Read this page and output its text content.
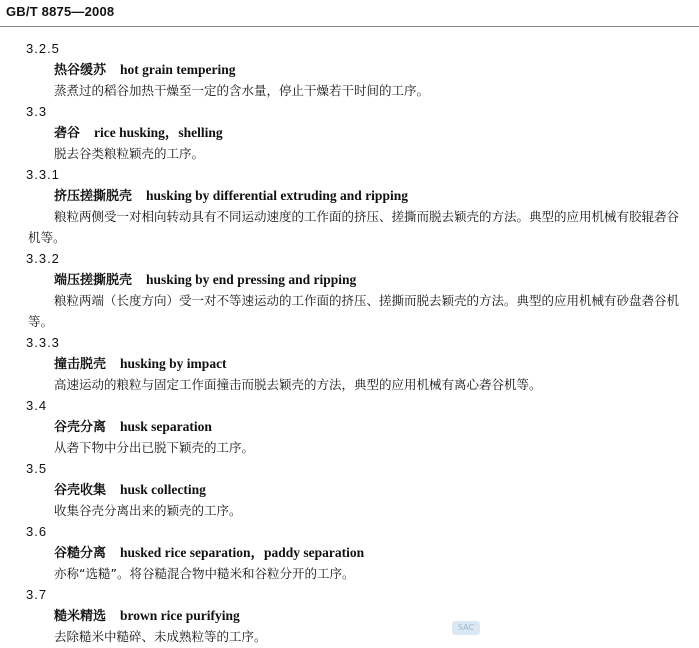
GB/T 8875—2008
3.2.5
热谷缓苏 hot grain tempering
蒸煮过的稻谷加热干燥至一定的含水量，停止干燥若干时间的工序。
3.3
砻谷 rice husking，shelling
脱去谷类粮粒颖壳的工序。
3.3.1
挤压搓撕脱壳 husking by differential extruding and ripping
粮粒两侧受一对相向转动具有不同运动速度的工作面的挤压、搓撕而脱去颖壳的方法。典型的应用机械有胶辊砻谷机等。
3.3.2
端压搓撕脱壳 husking by end pressing and ripping
粮粒两端（长度方向）受一对不等速运动的工作面的挤压、搓撕而脱去颖壳的方法。典型的应用机械有砂盘砻谷机等。
3.3.3
撞击脱壳 husking by impact
高速运动的粮粒与固定工作面撞击而脱去颖壳的方法，典型的应用机械有离心砻谷机等。
3.4
谷壳分离 husk separation
从砻下物中分出已脱下颖壳的工序。
3.5
谷壳收集 husk collecting
收集谷壳分离出来的颖壳的工序。
3.6
谷糙分离 husked rice separation，paddy separation
亦称“选糙”。将谷糙混合物中糙米和谷粒分开的工序。
3.7
糙米精选 brown rice purifying
去除糙米中糙碎、未成熟粒等的工序。
SAC
